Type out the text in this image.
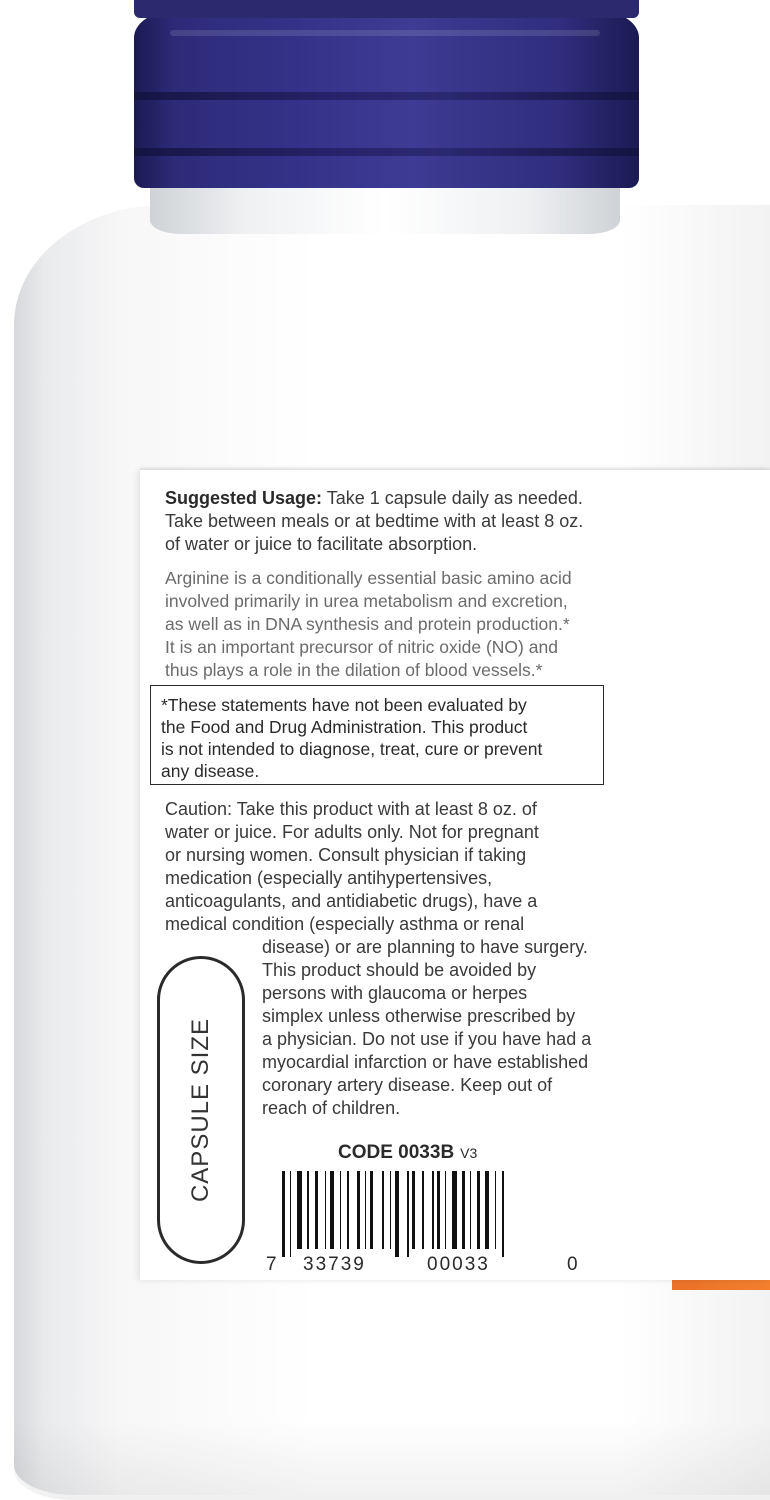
Suggested Usage: Take 1 capsule daily as needed.
Take between meals or at bedtime with at least 8 oz.
of water or juice to facilitate absorption.
Arginine is a conditionally essential basic amino acid
involved primarily in urea metabolism and excretion,
as well as in DNA synthesis and protein production.*
It is an important precursor of nitric oxide (NO) and
thus plays a role in the dilation of blood vessels.*
*These statements have not been evaluated by
the Food and Drug Administration. This product
is not intended to diagnose, treat, cure or prevent
any disease.
Caution: Take this product with at least 8 oz. of
water or juice. For adults only. Not for pregnant
or nursing women. Consult physician if taking
medication (especially antihypertensives,
anticoagulants, and antidiabetic drugs), have a
medical condition (especially asthma or renal
disease) or are planning to have surgery.
This product should be avoided by
persons with glaucoma or herpes
simplex unless otherwise prescribed by
a physician. Do not use if you have had a
myocardial infarction or have established
coronary artery disease. Keep out of
reach of children.
CAPSULE SIZE	CODE 0033B V3
7 33739	00033	0
